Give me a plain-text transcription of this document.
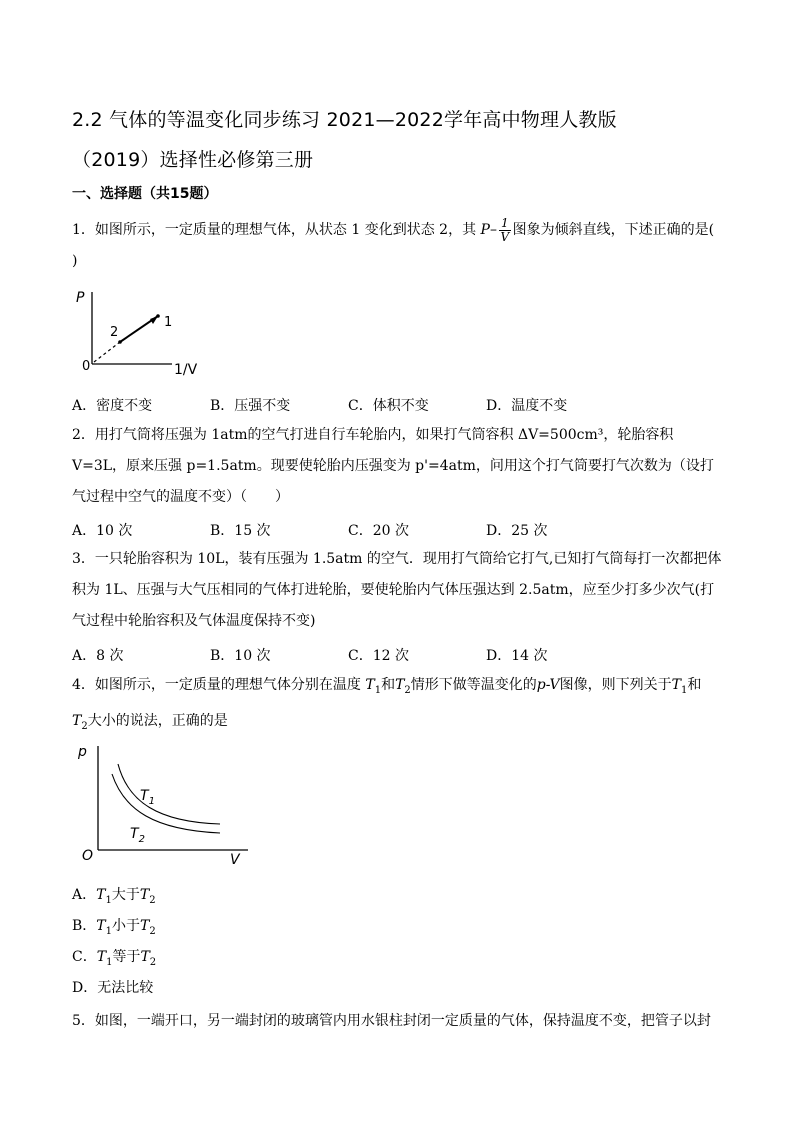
2.2 气体的等温变化同步练习 2021—2022学年高中物理人教版
（2019）选择性必修第三册
一、选择题（共15题）
1．如图所示，一定质量的理想气体，从状态 1 变化到状态 2，其 $P- \frac{1}{V}$ 图象为倾斜直线，下述正确的是(
)
P
1/V
0
2
1
A．密度不变	B．压强不变	C．体积不变	D．温度不变
2．用打气筒将压强为 1atm的空气打进自行车轮胎内，如果打气筒容积 ΔV=500cm³，轮胎容积 V=3L，原来压强 p=1.5atm。现要使轮胎内压强变为 p'=4atm，问用这个打气筒要打气次数为（设打气过程中空气的温度不变）（　　）
A．10 次	B．15 次	C．20 次	D．25 次
3．一只轮胎容积为 10L，装有压强为 1.5atm 的空气．现用打气筒给它打气,已知打气筒每打一次都把体积为 1L、压强与大气压相同的气体打进轮胎，要使轮胎内气体压强达到 2.5atm，应至少打多少次气(打气过程中轮胎容积及气体温度保持不变)
A．8 次	B．10 次	C．12 次	D．14 次
4．如图所示，一定质量的理想气体分别在温度 $T_1$和$T_2$情形下做等温变化的p-V图像，则下列关于$T_1$和
$T_2$大小的说法，正确的是
p
V
O
$T_1$
$T_2$
A．$T_1$大于$T_2$
B．$T_1$小于$T_2$
C．$T_1$等于$T_2$
D．无法比较
5．如图，一端开口，另一端封闭的玻璃管内用水银柱封闭一定质量的气体，保持温度不变，把管子以封
